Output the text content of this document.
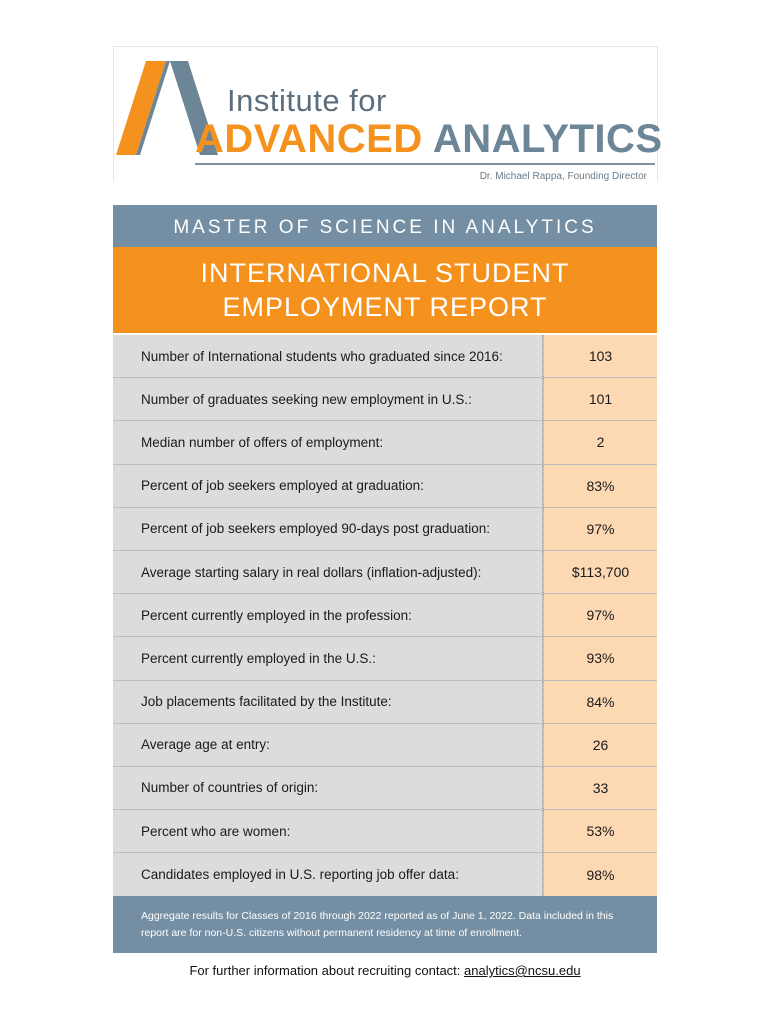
Institute for
ADVANCED ANALYTICS
Dr. Michael Rappa, Founding Director
MASTER OF SCIENCE IN ANALYTICS
INTERNATIONAL STUDENT
EMPLOYMENT REPORT
Number of International students who graduated since 2016:	103
Number of graduates seeking new employment in U.S.:	101
Median number of offers of employment:	2
Percent of job seekers employed at graduation:	83%
Percent of job seekers employed 90-days post graduation:	97%
Average starting salary in real dollars (inflation-adjusted):	$113,700
Percent currently employed in the profession:	97%
Percent currently employed in the U.S.:	93%
Job placements facilitated by the Institute:	84%
Average age at entry:	26
Number of countries of origin:	33
Percent who are women:	53%
Candidates employed in U.S. reporting job offer data:	98%
Aggregate results for Classes of 2016 through 2022 reported as of June 1, 2022. Data included in this report are for non-U.S. citizens without permanent residency at time of enrollment.
For further information about recruiting contact: analytics@ncsu.edu
